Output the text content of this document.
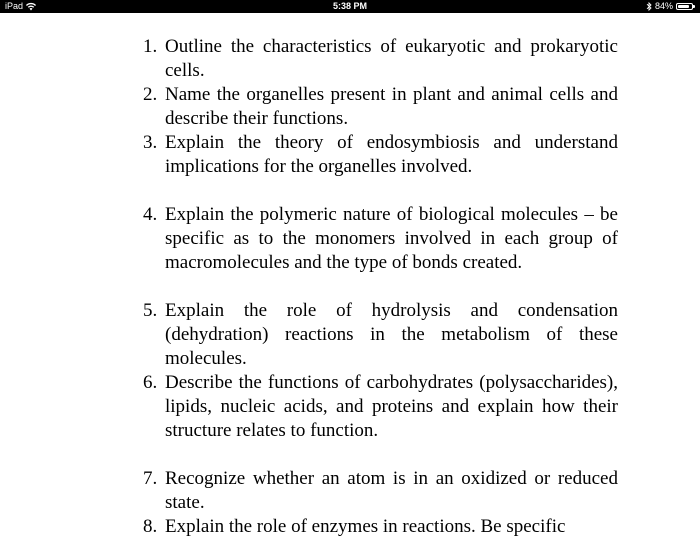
iPad	5:38 PM	84%
1. Outline the characteristics of eukaryotic and prokaryotic cells.
2. Name the organelles present in plant and animal cells and describe their functions.
3. Explain the theory of endosymbiosis and understand implications for the organelles involved.
4. Explain the polymeric nature of biological molecules – be specific as to the monomers involved in each group of macromolecules and the type of bonds created.
5. Explain the role of hydrolysis and condensation (dehydration) reactions in the metabolism of these molecules.
6. Describe the functions of carbohydrates (polysaccharides), lipids, nucleic acids, and proteins and explain how their structure relates to function.
7. Recognize whether an atom is in an oxidized or reduced state.
8. Explain the role of enzymes in reactions. Be specific
